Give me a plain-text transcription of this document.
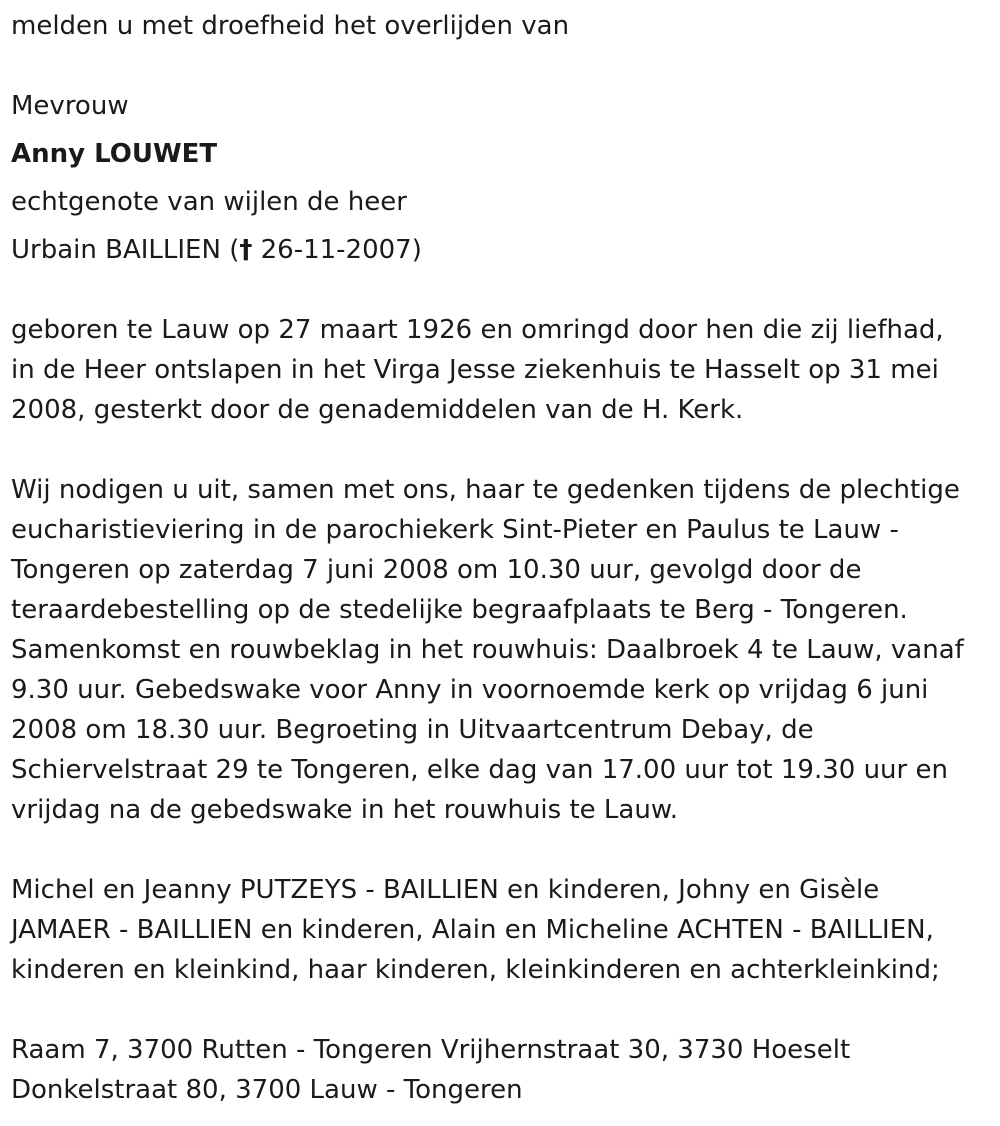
melden u met droefheid het overlijden van

Mevrouw

Anny LOUWET

echtgenote van wijlen de heer

Urbain BAILLIEN († 26-11-2007)

geboren te Lauw op 27 maart 1926 en omringd door hen die zij liefhad,
in de Heer ontslapen in het Virga Jesse ziekenhuis te Hasselt op 31 mei
2008, gesterkt door de genademiddelen van de H. Kerk.
Wij nodigen u uit, samen met ons, haar te gedenken tijdens de plechtige
eucharistieviering in de parochiekerk Sint-Pieter en Paulus te Lauw -
Tongeren op zaterdag 7 juni 2008 om 10.30 uur, gevolgd door de
teraardebestelling op de stedelijke begraafplaats te Berg - Tongeren.
Samenkomst en rouwbeklag in het rouwhuis: Daalbroek 4 te Lauw, vanaf
9.30 uur. Gebedswake voor Anny in voornoemde kerk op vrijdag 6 juni
2008 om 18.30 uur. Begroeting in Uitvaartcentrum Debay, de
Schiervelstraat 29 te Tongeren, elke dag van 17.00 uur tot 19.30 uur en
vrijdag na de gebedswake in het rouwhuis te Lauw.
Michel en Jeanny PUTZEYS - BAILLIEN en kinderen, Johny en Gisèle
JAMAER - BAILLIEN en kinderen, Alain en Micheline ACHTEN - BAILLIEN,
kinderen en kleinkind, haar kinderen, kleinkinderen en achterkleinkind;
Raam 7, 3700 Rutten - Tongeren Vrijhernstraat 30, 3730 Hoeselt
Donkelstraat 80, 3700 Lauw - Tongeren
